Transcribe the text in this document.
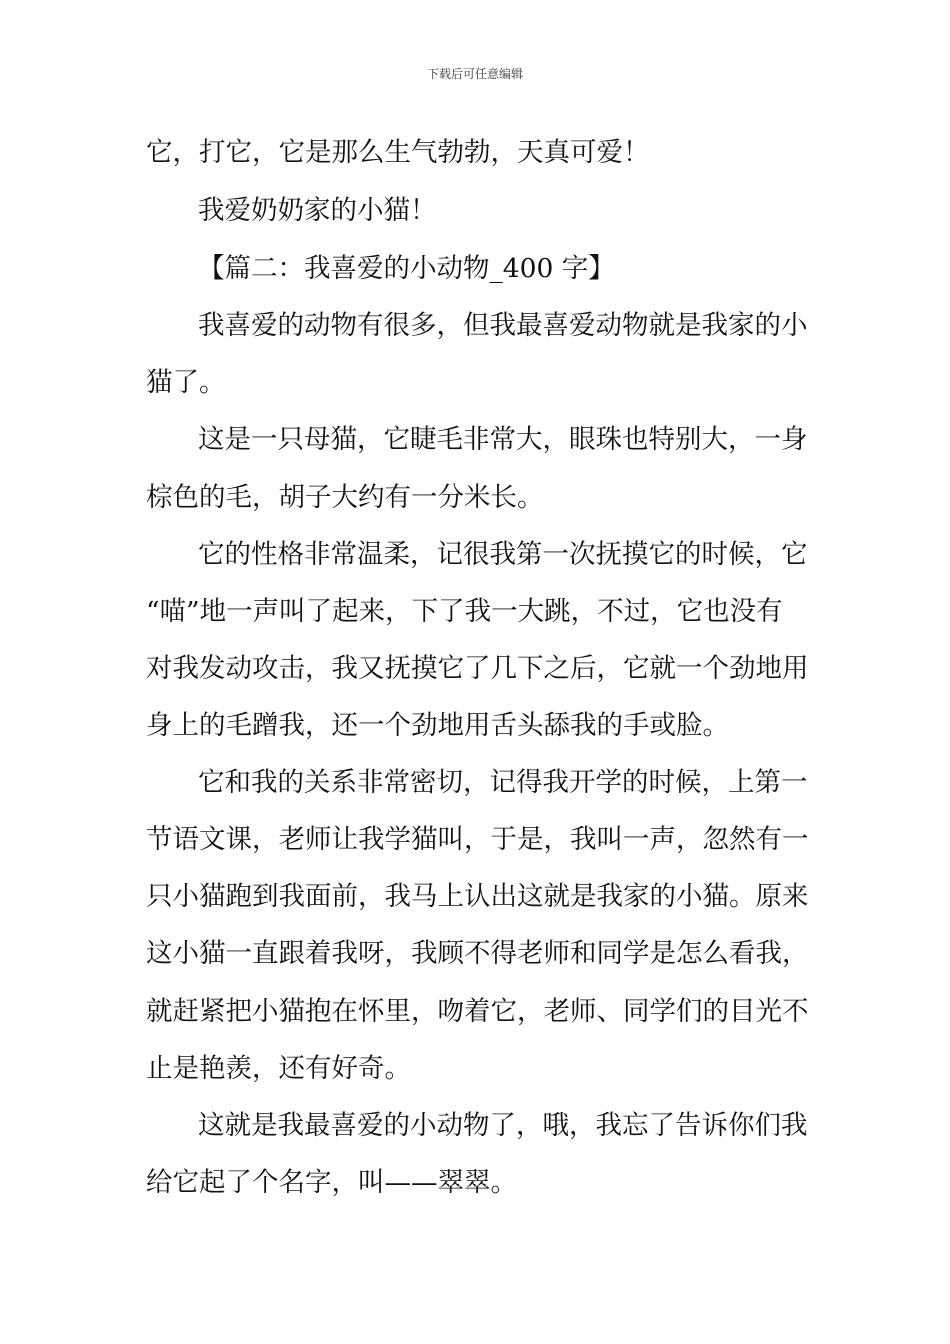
下载后可任意编辑
它，打它，它是那么生气勃勃，天真可爱！
我爱奶奶家的小猫！
【篇二：我喜爱的小动物_400 字】
我喜爱的动物有很多，但我最喜爱动物就是我家的小
猫了。
这是一只母猫，它睫毛非常大，眼珠也特别大，一身
棕色的毛，胡子大约有一分米长。
它的性格非常温柔，记很我第一次抚摸它的时候，它
“喵”地一声叫了起来，下了我一大跳，不过，它也没有
对我发动攻击，我又抚摸它了几下之后，它就一个劲地用
身上的毛蹭我，还一个劲地用舌头舔我的手或脸。
它和我的关系非常密切，记得我开学的时候，上第一
节语文课，老师让我学猫叫，于是，我叫一声，忽然有一
只小猫跑到我面前，我马上认出这就是我家的小猫。原来
这小猫一直跟着我呀，我顾不得老师和同学是怎么看我，
就赶紧把小猫抱在怀里，吻着它，老师、同学们的目光不
止是艳羡，还有好奇。
这就是我最喜爱的小动物了，哦，我忘了告诉你们我
给它起了个名字，叫——翠翠。
